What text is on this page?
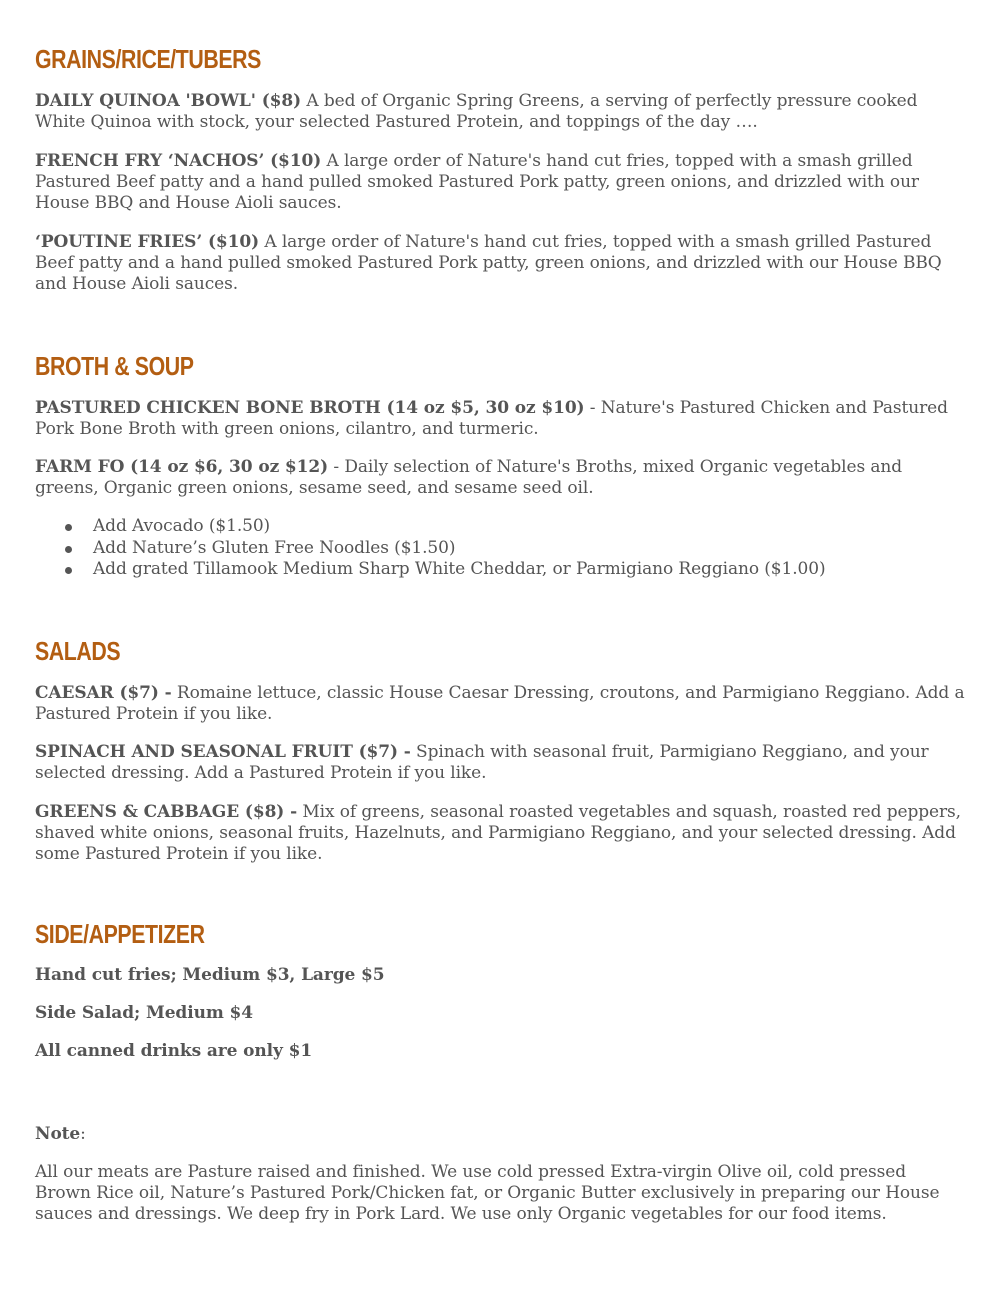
GRAINS/RICE/TUBERS

DAILY QUINOA 'BOWL' ($8) A bed of Organic Spring Greens, a serving of perfectly pressure cooked White Quinoa with stock, your selected Pastured Protein, and toppings of the day ….

FRENCH FRY ‘NACHOS’ ($10) A large order of Nature's hand cut fries, topped with a smash grilled Pastured Beef patty and a hand pulled smoked Pastured Pork patty, green onions, and drizzled with our House BBQ and House Aioli sauces.

‘POUTINE FRIES’ ($10) A large order of Nature's hand cut fries, topped with a smash grilled Pastured Beef patty and a hand pulled smoked Pastured Pork patty, green onions, and drizzled with our House BBQ and House Aioli sauces.

BROTH & SOUP

PASTURED CHICKEN BONE BROTH (14 oz $5, 30 oz $10) - Nature's Pastured Chicken and Pastured Pork Bone Broth with green onions, cilantro, and turmeric.

FARM FO (14 oz $6, 30 oz $12) - Daily selection of Nature's Broths, mixed Organic vegetables and greens, Organic green onions, sesame seed, and sesame seed oil.

Add Avocado ($1.50)
Add Nature’s Gluten Free Noodles ($1.50)
Add grated Tillamook Medium Sharp White Cheddar, or Parmigiano Reggiano ($1.00)
SALADS

CAESAR ($7) - Romaine lettuce, classic House Caesar Dressing, croutons, and Parmigiano Reggiano. Add a Pastured Protein if you like.

SPINACH AND SEASONAL FRUIT ($7) - Spinach with seasonal fruit, Parmigiano Reggiano, and your selected dressing. Add a Pastured Protein if you like.

GREENS & CABBAGE ($8) - Mix of greens, seasonal roasted vegetables and squash, roasted red peppers, shaved white onions, seasonal fruits, Hazelnuts, and Parmigiano Reggiano, and your selected dressing. Add some Pastured Protein if you like.

SIDE/APPETIZER

Hand cut fries; Medium $3, Large $5

Side Salad; Medium $4

All canned drinks are only $1

Note:

All our meats are Pasture raised and finished. We use cold pressed Extra-virgin Olive oil, cold pressed Brown Rice oil, Nature’s Pastured Pork/Chicken fat, or Organic Butter exclusively in preparing our House sauces and dressings. We deep fry in Pork Lard. We use only Organic vegetables for our food items.
